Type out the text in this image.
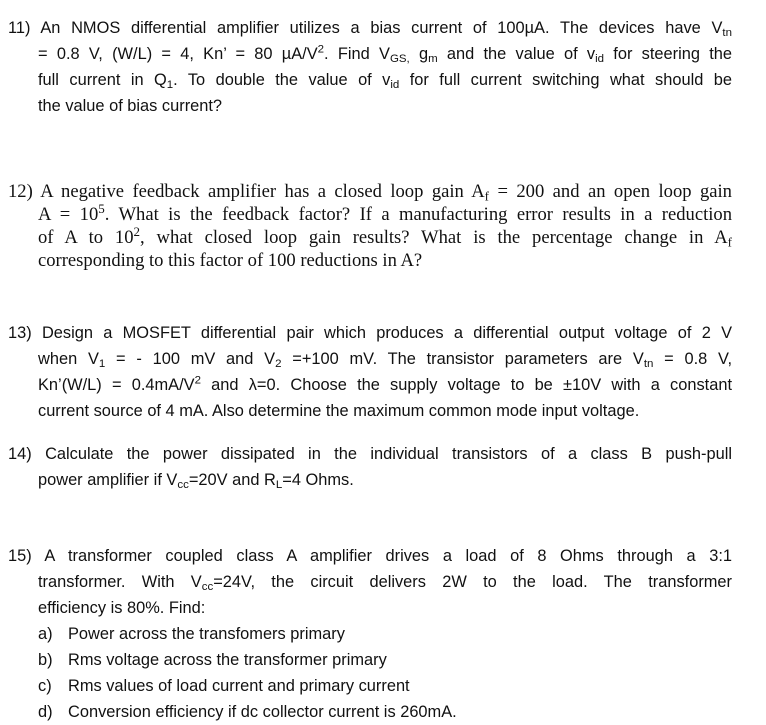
11) An NMOS differential amplifier utilizes a bias current of 100µA. The devices have $V_{tn}$
= 0.8 V, (W/L) = 4, Kn’ = 80 $\mu A/V^2$. Find $V_{GS,}$ $g_m$ and the value of $v_{id}$ for steering the
full current in $Q_1$. To double the value of $v_{id}$ for full current switching what should be
the value of bias current?
12) A negative feedback amplifier has a closed loop gain $A_f = 200$ and an open loop gain
$A = 10^5$. What is the feedback factor? If a manufacturing error results in a reduction
of A to $10^2$, what closed loop gain results? What is the percentage change in $A_f$
corresponding to this factor of 100 reductions in A?
13) Design a MOSFET differential pair which produces a differential output voltage of 2 V
when $V_1$ = - 100 mV and $V_2 =+100$ mV. The transistor parameters are $V_{tn} = 0.8$ V,
Kn’(W/L) = $0.4mA/V^2$ and λ=0. Choose the supply voltage to be ±10V with a constant
current source of 4 mA. Also determine the maximum common mode input voltage.
14) Calculate the power dissipated in the individual transistors of a class B push-pull
power amplifier if $V_{cc}=20V$ and $R_L=4$ Ohms.
15) A transformer coupled class A amplifier drives a load of 8 Ohms through a 3:1
transformer. With $V_{cc}=24V$, the circuit delivers 2W to the load. The transformer
efficiency is 80%. Find:
a) Power across the transfomers primary
b) Rms voltage across the transformer primary
c) Rms values of load current and primary current
d) Conversion efficiency if dc collector current is 260mA.
